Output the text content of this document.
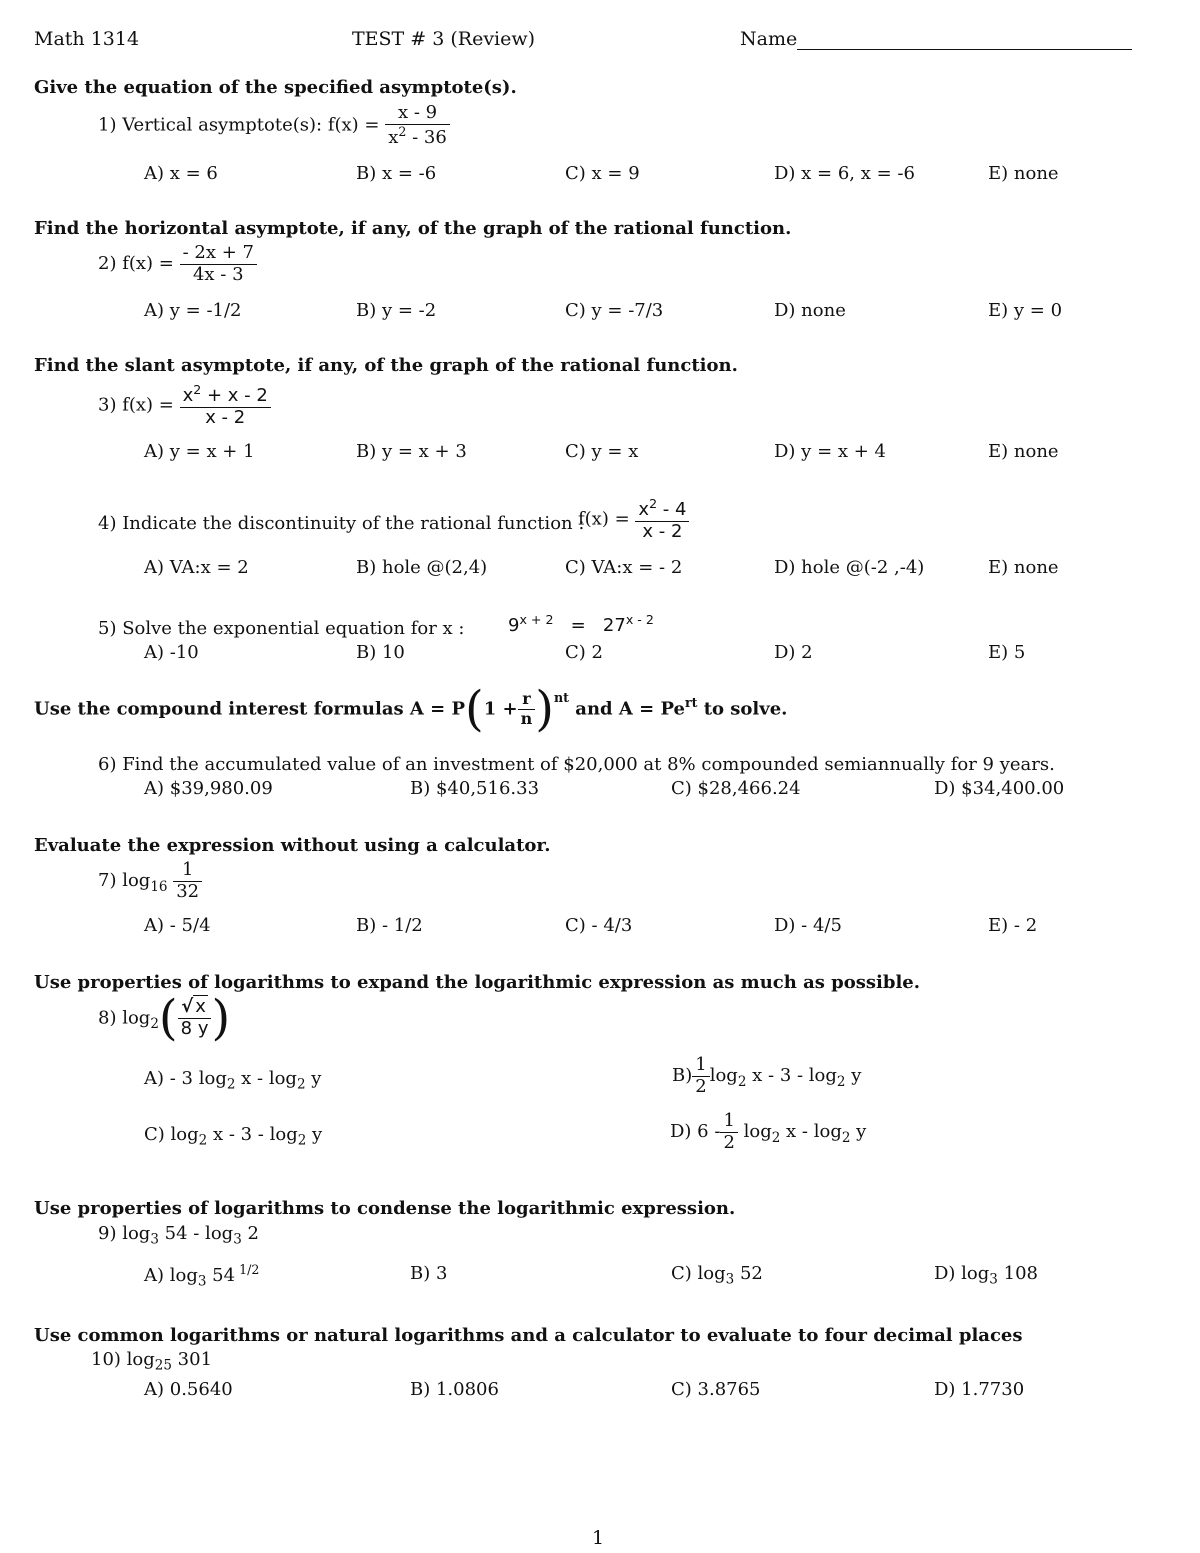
Math 1314	TEST # 3 (Review)	Name
Give the equation of the specified asymptote(s).
1) Vertical asymptote(s): $f(x) = \frac{x - 9}{x^2 - 36}$
A) x = 6	B) x = -6	C) x = 9	D) x = 6, x = -6	E) none
Find the horizontal asymptote, if any, of the graph of the rational function.
2) $f(x) = \frac{- 2x + 7}{4x - 3}$
A) y = -1/2	B) y = -2	C) y = -7/3	D) none	E) y = 0
Find the slant asymptote, if any, of the graph of the rational function.
3) $f(x) = \frac{x^2 + x - 2}{x - 2}$
A) y = x + 1	B) y = x + 3	C) y = x	D) y = x + 4	E) none
4) Indicate the discontinuity of the rational function :
$f(x) = \frac{x^2 - 4}{x - 2}$
A) VA:x = 2	B) hole @(2,4)	C) VA:x = - 2	D) hole @(-2 ,-4)	E) none
5) Solve the exponential equation for x : $9^{x + 2} = 27^{x - 2}$
A) -10	B) 10	C) 2	D) 2	E) 5
Use the compound interest formulas $A = P(1 + \frac{r}{n} )^{nt}$ and $A = Pe^{rt}$ to solve.
6) Find the accumulated value of an investment of $20,000 at 8% compounded semiannually for 9 years.
A) $39,980.09	B) $40,516.33	C) $28,466.24	D) $34,400.00
Evaluate the expression without using a calculator.
7) $\log_{16} \frac{1}{32}$
A) - 5/4	B) - 1/2	C) - 4/3	D) - 4/5	E) - 2
Use properties of logarithms to expand the logarithmic expression as much as possible.
8) $\log_2( \frac{√ x}{8 y}$ )
A) - 3 $\log_2 x - \log_2 y$	$B) \frac{1}{2} \log_2 x - 3 - \log_2 y$
C) $\log_2 x - 3 - \log_2 y$	D) $6 - \frac{1}{2} \log_2 x - \log_2 y$
Use properties of logarithms to condense the logarithmic expression.
9) $\log_3 54 - \log_3 2$
A) $\log_3 54$ $^{1/2}$	B) 3	C) $\log_3 52$	D) $\log_3 108$
Use common logarithms or natural logarithms and a calculator to evaluate to four decimal places
10) $\log_{25} 301$
A) 0.5640	B) 1.0806	C) 3.8765	D) 1.7730
1
